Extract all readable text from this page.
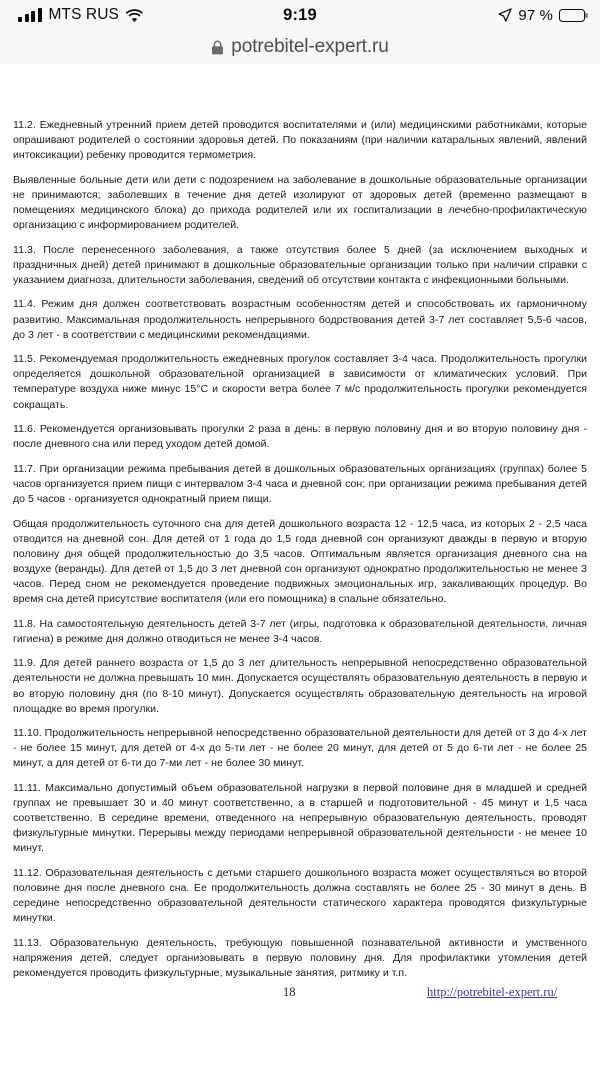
MTS RUS	9:19	97 %
potrebitel-expert.ru

11.2. Ежедневный утренний прием детей проводится воспитателями и (или) медицинскими работниками, которые опрашивают родителей о состоянии здоровья детей. По показаниям (при наличии катаральных явлений, явлений интоксикации) ребенку проводится термометрия.

Выявленные больные дети или дети с подозрением на заболевание в дошкольные образовательные организации не принимаются; заболевших в течение дня детей изолируют от здоровых детей (временно размещают в помещениях медицинского блока) до прихода родителей или их госпитализации в лечебно-профилактическую организацию с информированием родителей.

11.3. После перенесенного заболевания, а также отсутствия более 5 дней (за исключением выходных и праздничных дней) детей принимают в дошкольные образовательные организации только при наличии справки с указанием диагноза, длительности заболевания, сведений об отсутствии контакта с инфекционными больными.

11.4. Режим дня должен соответствовать возрастным особенностям детей и способствовать их гармоничному развитию. Максимальная продолжительность непрерывного бодрствования детей 3-7 лет составляет 5,5-6 часов, до 3 лет - в соответствии с медицинскими рекомендациями.

11.5. Рекомендуемая продолжительность ежедневных прогулок составляет 3-4 часа. Продолжительность прогулки определяется дошкольной образовательной организацией в зависимости от климатических условий. При температуре воздуха ниже минус 15°С и скорости ветра более 7 м/с продолжительность прогулки рекомендуется сокращать.

11.6. Рекомендуется организовывать прогулки 2 раза в день: в первую половину дня и во вторую половину дня - после дневного сна или перед уходом детей домой.

11.7. При организации режима пребывания детей в дошкольных образовательных организациях (группах) более 5 часов организуется прием пищи с интервалом 3-4 часа и дневной сон; при организации режима пребывания детей до 5 часов - организуется однократный прием пищи.

Общая продолжительность суточного сна для детей дошкольного возраста 12 - 12,5 часа, из которых 2 - 2,5 часа отводится на дневной сон. Для детей от 1 года до 1,5 года дневной сон организуют дважды в первую и вторую половину дня общей продолжительностью до 3,5 часов. Оптимальным является организация дневного сна на воздухе (веранды). Для детей от 1,5 до 3 лет дневной сон организуют однократно продолжительностью не менее 3 часов. Перед сном не рекомендуется проведение подвижных эмоциональных игр, закаливающих процедур. Во время сна детей присутствие воспитателя (или его помощника) в спальне обязательно.

11.8. На самостоятельную деятельность детей 3-7 лет (игры, подготовка к образовательной деятельности, личная гигиена) в режиме дня должно отводиться не менее 3-4 часов.

11.9. Для детей раннего возраста от 1,5 до 3 лет длительность непрерывной непосредственно образовательной деятельности не должна превышать 10 мин. Допускается осуществлять образовательную деятельность в первую и во вторую половину дня (по 8-10 минут). Допускается осуществлять образовательную деятельность на игровой площадке во время прогулки.

11.10. Продолжительность непрерывной непосредственно образовательной деятельности для детей от 3 до 4-х лет - не более 15 минут, для детей от 4-х до 5-ти лет - не более 20 минут, для детей от 5 до 6-ти лет - не более 25 минут, а для детей от 6-ти до 7-ми лет - не более 30 минут.

11.11. Максимально допустимый объем образовательной нагрузки в первой половине дня в младшей и средней группах не превышает 30 и 40 минут соответственно, а в старшей и подготовительной - 45 минут и 1,5 часа соответственно. В середине времени, отведенного на непрерывную образовательную деятельность, проводят физкультурные минутки. Перерывы между периодами непрерывной образовательной деятельности - не менее 10 минут.

11.12. Образовательная деятельность с детьми старшего дошкольного возраста может осуществляться во второй половине дня после дневного сна. Ее продолжительность должна составлять не более 25 - 30 минут в день. В середине непосредственно образовательной деятельности статического характера проводятся физкультурные минутки.

11.13. Образовательную деятельность, требующую повышенной познавательной активности и умственного напряжения детей, следует организовывать в первую половину дня. Для профилактики утомления детей рекомендуется проводить физкультурные, музыкальные занятия, ритмику и т.п.

18	http://potrebitel-expert.ru/
